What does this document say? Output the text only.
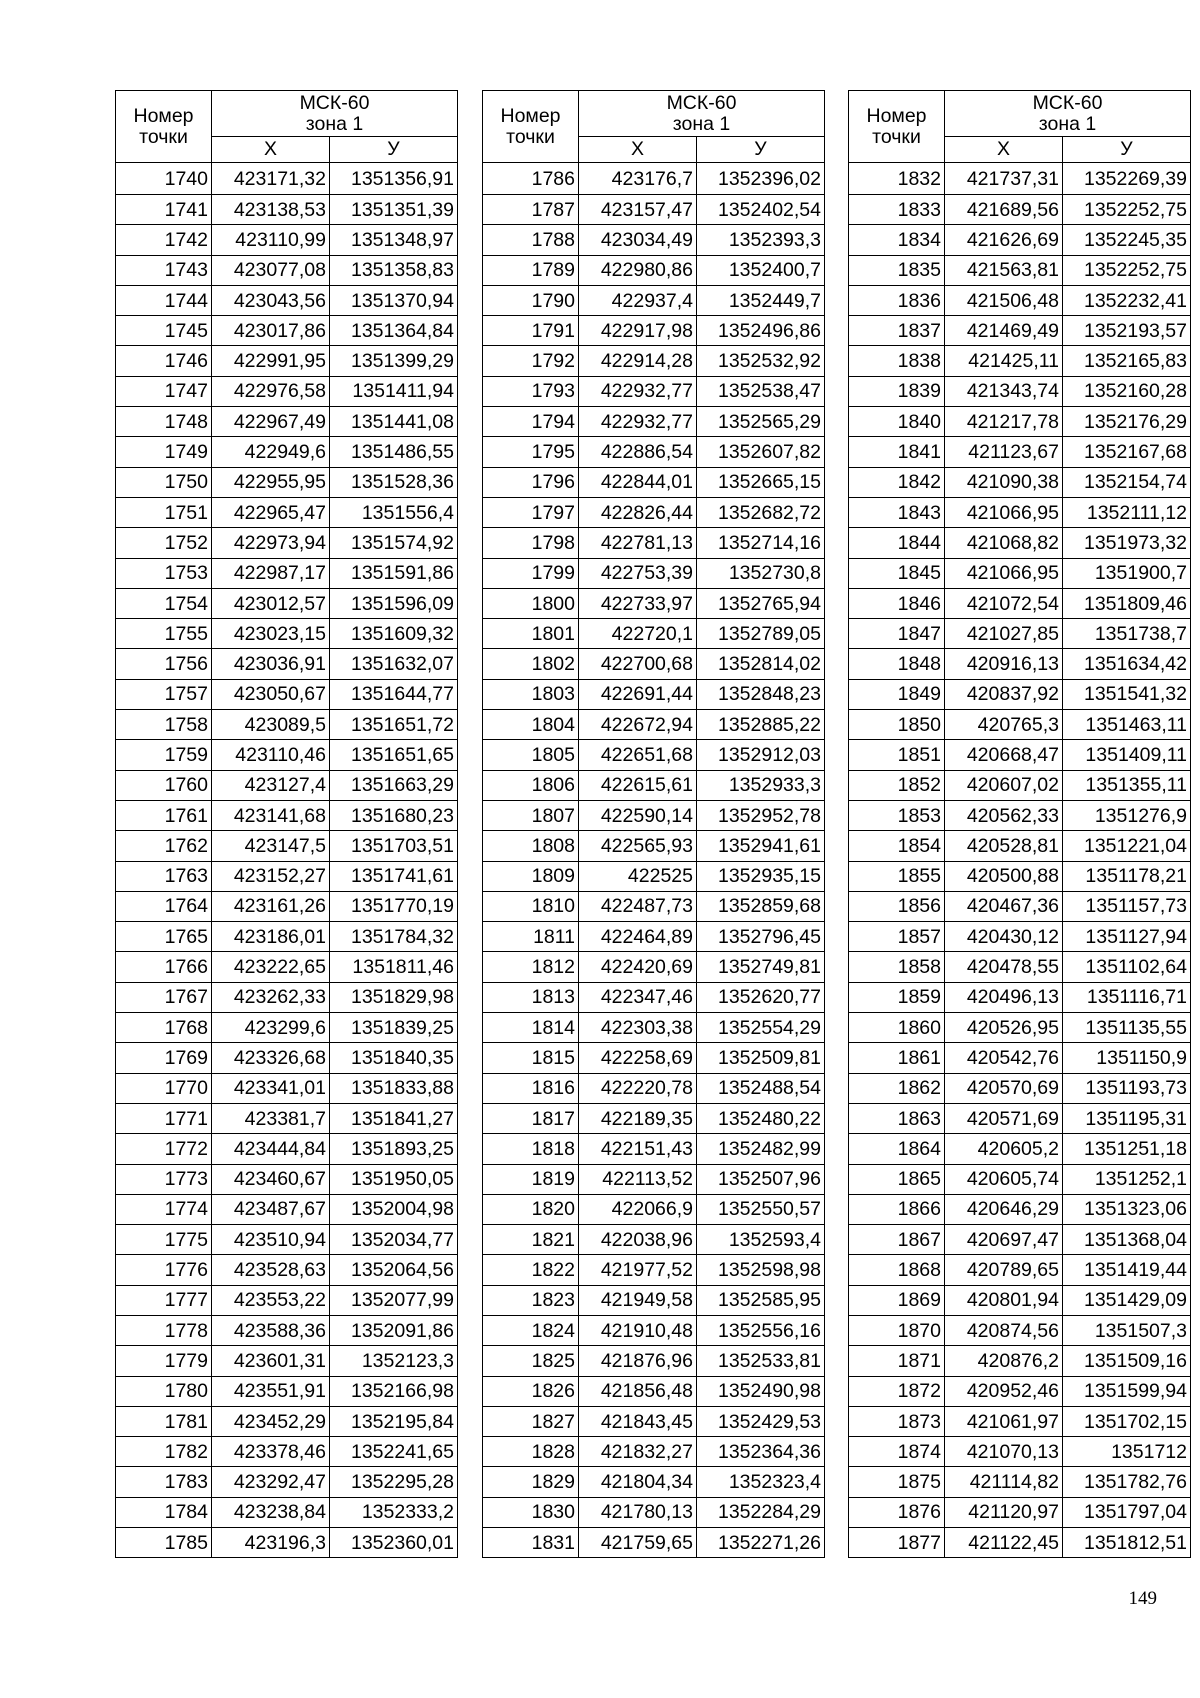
Номер
точки	МСК-60
зона 1	
	Х	У
1740	423171,32	1351356,91
1741	423138,53	1351351,39
1742	423110,99	1351348,97
1743	423077,08	1351358,83
1744	423043,56	1351370,94
1745	423017,86	1351364,84
1746	422991,95	1351399,29
1747	422976,58	1351411,94
1748	422967,49	1351441,08
1749	422949,6	1351486,55
1750	422955,95	1351528,36
1751	422965,47	1351556,4
1752	422973,94	1351574,92
1753	422987,17	1351591,86
1754	423012,57	1351596,09
1755	423023,15	1351609,32
1756	423036,91	1351632,07
1757	423050,67	1351644,77
1758	423089,5	1351651,72
1759	423110,46	1351651,65
1760	423127,4	1351663,29
1761	423141,68	1351680,23
1762	423147,5	1351703,51
1763	423152,27	1351741,61
1764	423161,26	1351770,19
1765	423186,01	1351784,32
1766	423222,65	1351811,46
1767	423262,33	1351829,98
1768	423299,6	1351839,25
1769	423326,68	1351840,35
1770	423341,01	1351833,88
1771	423381,7	1351841,27
1772	423444,84	1351893,25
1773	423460,67	1351950,05
1774	423487,67	1352004,98
1775	423510,94	1352034,77
1776	423528,63	1352064,56
1777	423553,22	1352077,99
1778	423588,36	1352091,86
1779	423601,31	1352123,3
1780	423551,91	1352166,98
1781	423452,29	1352195,84
1782	423378,46	1352241,65
1783	423292,47	1352295,28
1784	423238,84	1352333,2
1785	423196,3	1352360,01
Номер
точки	МСК-60
зона 1	
	Х	У
1786	423176,7	1352396,02
1787	423157,47	1352402,54
1788	423034,49	1352393,3
1789	422980,86	1352400,7
1790	422937,4	1352449,7
1791	422917,98	1352496,86
1792	422914,28	1352532,92
1793	422932,77	1352538,47
1794	422932,77	1352565,29
1795	422886,54	1352607,82
1796	422844,01	1352665,15
1797	422826,44	1352682,72
1798	422781,13	1352714,16
1799	422753,39	1352730,8
1800	422733,97	1352765,94
1801	422720,1	1352789,05
1802	422700,68	1352814,02
1803	422691,44	1352848,23
1804	422672,94	1352885,22
1805	422651,68	1352912,03
1806	422615,61	1352933,3
1807	422590,14	1352952,78
1808	422565,93	1352941,61
1809	422525	1352935,15
1810	422487,73	1352859,68
1811	422464,89	1352796,45
1812	422420,69	1352749,81
1813	422347,46	1352620,77
1814	422303,38	1352554,29
1815	422258,69	1352509,81
1816	422220,78	1352488,54
1817	422189,35	1352480,22
1818	422151,43	1352482,99
1819	422113,52	1352507,96
1820	422066,9	1352550,57
1821	422038,96	1352593,4
1822	421977,52	1352598,98
1823	421949,58	1352585,95
1824	421910,48	1352556,16
1825	421876,96	1352533,81
1826	421856,48	1352490,98
1827	421843,45	1352429,53
1828	421832,27	1352364,36
1829	421804,34	1352323,4
1830	421780,13	1352284,29
1831	421759,65	1352271,26
Номер
точки	МСК-60
зона 1	
	Х	У
1832	421737,31	1352269,39
1833	421689,56	1352252,75
1834	421626,69	1352245,35
1835	421563,81	1352252,75
1836	421506,48	1352232,41
1837	421469,49	1352193,57
1838	421425,11	1352165,83
1839	421343,74	1352160,28
1840	421217,78	1352176,29
1841	421123,67	1352167,68
1842	421090,38	1352154,74
1843	421066,95	1352111,12
1844	421068,82	1351973,32
1845	421066,95	1351900,7
1846	421072,54	1351809,46
1847	421027,85	1351738,7
1848	420916,13	1351634,42
1849	420837,92	1351541,32
1850	420765,3	1351463,11
1851	420668,47	1351409,11
1852	420607,02	1351355,11
1853	420562,33	1351276,9
1854	420528,81	1351221,04
1855	420500,88	1351178,21
1856	420467,36	1351157,73
1857	420430,12	1351127,94
1858	420478,55	1351102,64
1859	420496,13	1351116,71
1860	420526,95	1351135,55
1861	420542,76	1351150,9
1862	420570,69	1351193,73
1863	420571,69	1351195,31
1864	420605,2	1351251,18
1865	420605,74	1351252,1
1866	420646,29	1351323,06
1867	420697,47	1351368,04
1868	420789,65	1351419,44
1869	420801,94	1351429,09
1870	420874,56	1351507,3
1871	420876,2	1351509,16
1872	420952,46	1351599,94
1873	421061,97	1351702,15
1874	421070,13	1351712
1875	421114,82	1351782,76
1876	421120,97	1351797,04
1877	421122,45	1351812,51
149
